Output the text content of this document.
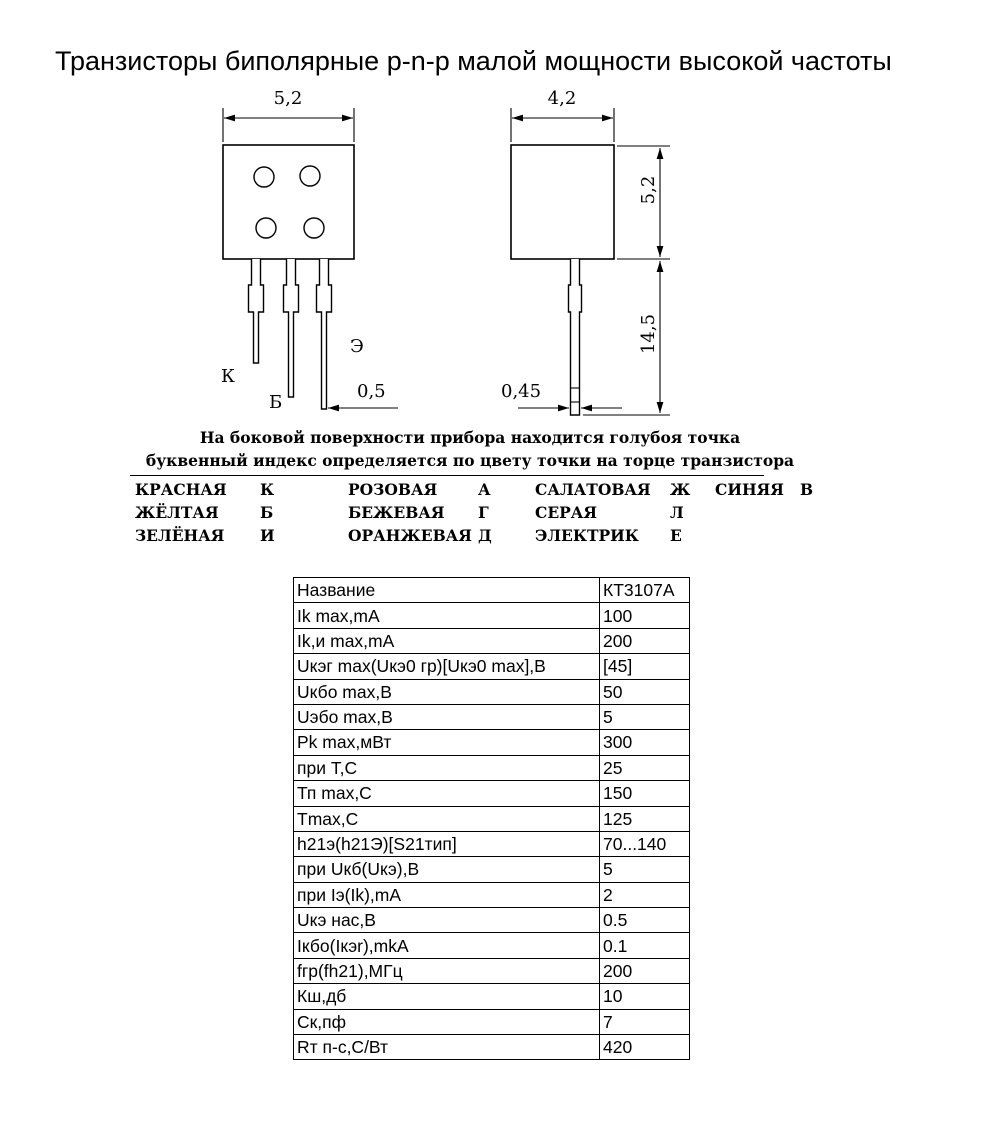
Транзисторы биполярные p-n-p малой мощности высокой частоты
5,2
К
Б
Э
0,5
4,2
5,2
14,5
0,45
На боковой поверхности прибора находится голубоя точка
буквенный индекс определяется по цвету точки на торце транзистора
КРАСНАЯ	К	РОЗОВАЯ	А	САЛАТОВАЯ	Ж	СИНЯЯ	В
ЖЁЛТАЯ	Б	БЕЖЕВАЯ	Г	СЕРАЯ	Л
ЗЕЛЁНАЯ	И	ОРАНЖЕВАЯ Д	ЭЛЕКТРИК	Е
Название	КТ3107А
Ik max,mA	100
Ik,и max,mA	200
Uкэг max(Uкэ0 гр)[Uкэ0 max],В	[45]
Uкбо max,В	50
Uэбо max,В	5
Pk max,мВт	300
при Т,С	25
Тп max,С	150
Tmax,С	125
h21э(h21Э)[S21тип]	70...140
при Uкб(Uкэ),В	5
при Iэ(Ik),mA	2
Uкэ нас,В	0.5
Iкбо(Iкэr),mkA	0.1
fгр(fh21),МГц	200
Кш,дб	10
Ск,пф	7
Rт п-с,С/Вт	420
